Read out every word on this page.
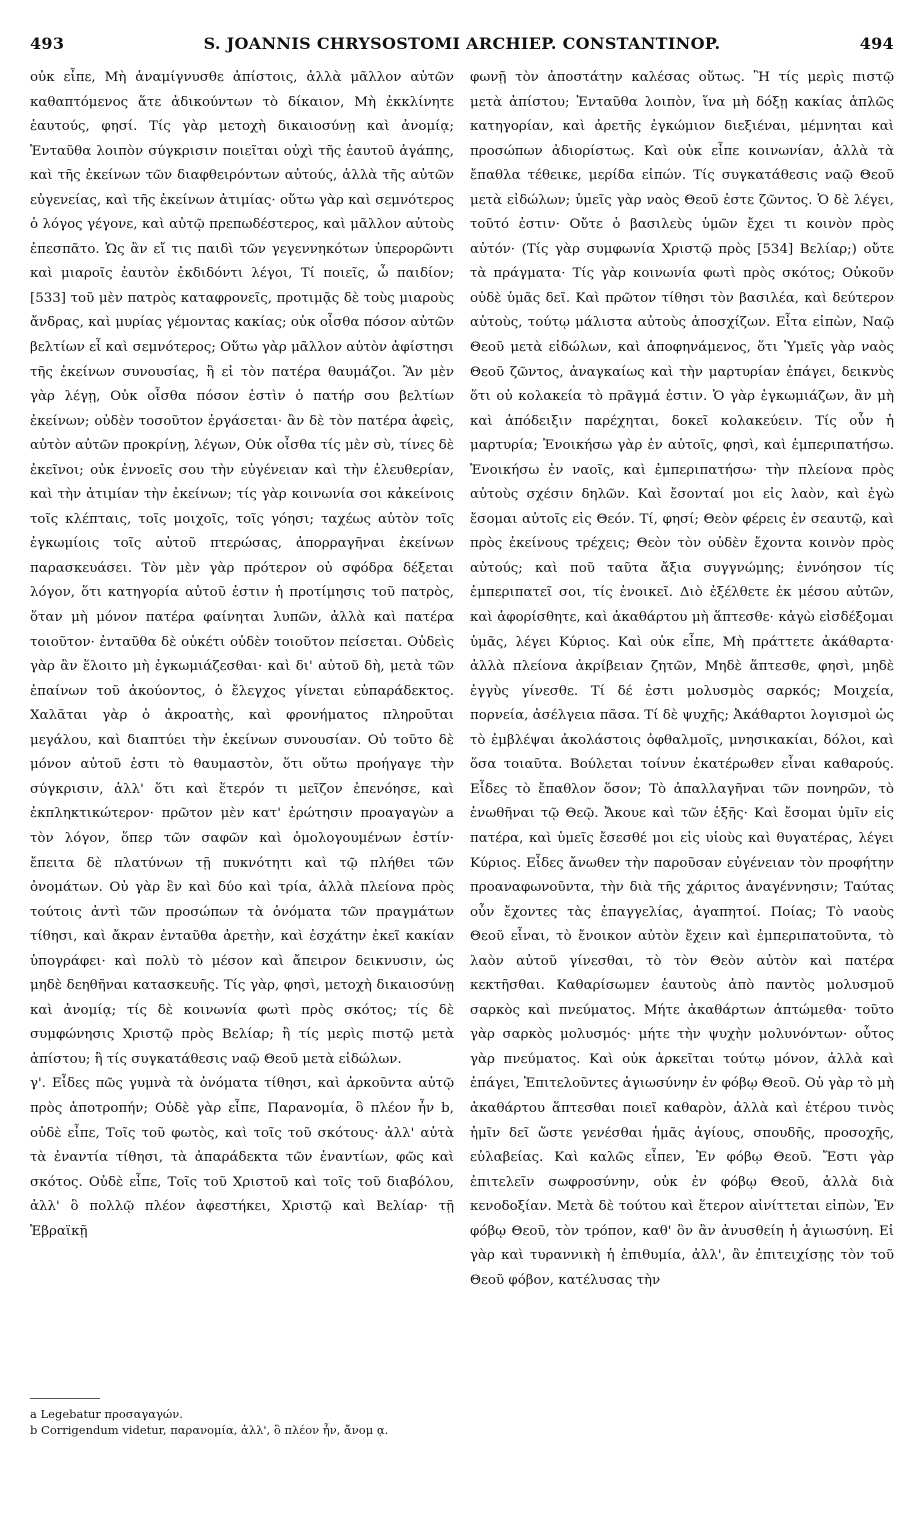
493	S. JOANNIS CHRYSOSTOMI ARCHIEP. CONSTANTINOP.	494

οὐκ εἶπε, Μὴ ἀναμίγνυσθε ἀπίστοις, ἀλλὰ μᾶλλον αὐτῶν καθαπτόμενος ἅτε ἀδικούντων τὸ δίκαιον, Μὴ ἐκκλίνητε ἑαυτούς, φησί. Τίς γὰρ μετοχὴ δικαιοσύνῃ καὶ ἀνομίᾳ; Ἐνταῦθα λοιπὸν σύγκρισιν ποιεῖται οὐχὶ τῆς ἑαυτοῦ ἀγάπης, καὶ τῆς ἐκείνων τῶν διαφθειρόντων αὐτούς, ἀλλὰ τῆς αὐτῶν εὐγενείας, καὶ τῆς ἐκείνων ἀτιμίας· οὕτω γὰρ καὶ σεμνότερος ὁ λόγος γέγονε, καὶ αὐτῷ πρεπωδέστερος, καὶ μᾶλλον αὐτοὺς ἐπεσπᾶτο. Ὡς ἂν εἴ τις παιδὶ τῶν γεγεννηκότων ὑπερορῶντι καὶ μιαροῖς ἑαυτὸν ἐκδιδόντι λέγοι, Τί ποιεῖς, ὦ παιδίον; [533] τοῦ μὲν πατρὸς καταφρονεῖς, προτιμᾷς δὲ τοὺς μιαροὺς ἄνδρας, καὶ μυρίας γέμοντας κακίας; οὐκ οἶσθα πόσον αὐτῶν βελτίων εἶ καὶ σεμνότερος; Οὕτω γὰρ μᾶλλον αὐτὸν ἀφίστησι τῆς ἐκείνων συνουσίας, ἢ εἰ τὸν πατέρα θαυμάζοι. Ἂν μὲν γὰρ λέγῃ, Οὐκ οἶσθα πόσον ἐστὶν ὁ πατήρ σου βελτίων ἐκείνων; οὐδὲν τοσοῦτον ἐργάσεται· ἂν δὲ τὸν πατέρα ἀφεὶς, αὐτὸν αὐτῶν προκρίνῃ, λέγων, Οὐκ οἶσθα τίς μὲν σὺ, τίνες δὲ ἐκεῖνοι; οὐκ ἐννοεῖς σου τὴν εὐγένειαν καὶ τὴν ἐλευθερίαν, καὶ τὴν ἀτιμίαν τὴν ἐκείνων; τίς γὰρ κοινωνία σοι κἀκείνοις τοῖς κλέπταις, τοῖς μοιχοῖς, τοῖς γόησι; ταχέως αὐτὸν τοῖς ἐγκωμίοις τοῖς αὐτοῦ πτερώσας, ἀπορραγῆναι ἐκείνων παρασκευάσει. Τὸν μὲν γὰρ πρότερον οὐ σφόδρα δέξεται λόγον, ὅτι κατηγορία αὐτοῦ ἐστιν ἡ προτίμησις τοῦ πατρὸς, ὅταν μὴ μόνον πατέρα φαίνηται λυπῶν, ἀλλὰ καὶ πατέρα τοιοῦτον· ἐνταῦθα δὲ οὐκέτι οὐδὲν τοιοῦτον πείσεται. Οὐδεὶς γὰρ ἂν ἕλοιτο μὴ ἐγκωμιάζεσθαι· καὶ δι' αὐτοῦ δὴ, μετὰ τῶν ἐπαίνων τοῦ ἀκούοντος, ὁ ἔλεγχος γίνεται εὐπαράδεκτος. Χαλᾶται γὰρ ὁ ἀκροατὴς, καὶ φρονήματος πληροῦται μεγάλου, καὶ διαπτύει τὴν ἐκείνων συνουσίαν. Οὐ τοῦτο δὲ μόνον αὐτοῦ ἐστι τὸ θαυμαστὸν, ὅτι οὕτω προήγαγε τὴν σύγκρισιν, ἀλλ' ὅτι καὶ ἕτερόν τι μεῖζον ἐπενόησε, καὶ ἐκπληκτικώτερον· πρῶτον μὲν κατ' ἐρώτησιν προαγαγὼν a τὸν λόγον, ὅπερ τῶν σαφῶν καὶ ὁμολογουμένων ἐστίν· ἔπειτα δὲ πλατύνων τῇ πυκνότητι καὶ τῷ πλήθει τῶν ὀνομάτων. Οὐ γὰρ ἓν καὶ δύο καὶ τρία, ἀλλὰ πλείονα πρὸς τούτοις ἀντὶ τῶν προσώπων τὰ ὀνόματα τῶν πραγμάτων τίθησι, καὶ ἄκραν ἐνταῦθα ἀρετὴν, καὶ ἐσχάτην ἐκεῖ κακίαν ὑπογράφει· καὶ πολὺ τὸ μέσον καὶ ἄπειρον δεικνυσιν, ὡς μηδὲ δεηθῆναι κατασκευῆς. Τίς γὰρ, φησὶ, μετοχὴ δικαιοσύνῃ καὶ ἀνομίᾳ; τίς δὲ κοινωνία φωτὶ πρὸς σκότος; τίς δὲ συμφώνησις Χριστῷ πρὸς Βελίαρ; ἢ τίς μερὶς πιστῷ μετὰ ἀπίστου; ἢ τίς συγκατάθεσις ναῷ Θεοῦ μετὰ εἰδώλων.

γ'. Εἶδες πῶς γυμνὰ τὰ ὀνόματα τίθησι, καὶ ἀρκοῦντα αὐτῷ πρὸς ἀποτροπήν; Οὐδὲ γὰρ εἶπε, Παρανομία, ὃ πλέον ἦν b, οὐδὲ εἶπε, Τοῖς τοῦ φωτὸς, καὶ τοῖς τοῦ σκότους· ἀλλ' αὐτὰ τὰ ἐναντία τίθησι, τὰ ἀπαράδεκτα τῶν ἐναντίων, φῶς καὶ σκότος. Οὐδὲ εἶπε, Τοῖς τοῦ Χριστοῦ καὶ τοῖς τοῦ διαβόλου, ἀλλ' ὃ πολλῷ πλέον ἀφεστήκει, Χριστῷ καὶ Βελίαρ· τῇ Ἑβραϊκῇ

a Legebatur προσαγαγών.

b Corrigendum videtur, παρανομία, ἀλλ', ὃ πλέον ἦν, ἄνομ ᾳ.

φωνῇ τὸν ἀποστάτην καλέσας οὕτως. Ἢ τίς μερὶς πιστῷ μετὰ ἀπίστου; Ἐνταῦθα λοιπὸν, ἵνα μὴ δόξῃ κακίας ἁπλῶς κατηγορίαν, καὶ ἀρετῆς ἐγκώμιον διεξιέναι, μέμνηται καὶ προσώπων ἀδιορίστως. Καὶ οὐκ εἶπε κοινωνίαν, ἀλλὰ τὰ ἔπαθλα τέθεικε, μερίδα εἰπών. Τίς συγκατάθεσις ναῷ Θεοῦ μετὰ εἰδώλων; ὑμεῖς γὰρ ναὸς Θεοῦ ἐστε ζῶντος. Ὁ δὲ λέγει, τοῦτό ἐστιν· Οὔτε ὁ βασιλεὺς ὑμῶν ἔχει τι κοινὸν πρὸς αὐτόν· (Τίς γὰρ συμφωνία Χριστῷ πρὸς [534] Βελίαρ;) οὔτε τὰ πράγματα· Τίς γὰρ κοινωνία φωτὶ πρὸς σκότος; Οὐκοῦν οὐδὲ ὑμᾶς δεῖ. Καὶ πρῶτον τίθησι τὸν βασιλέα, καὶ δεύτερον αὐτοὺς, τούτῳ μάλιστα αὐτοὺς ἀποσχίζων. Εἶτα εἰπὼν, Ναῷ Θεοῦ μετὰ εἰδώλων, καὶ ἀποφηνάμενος, ὅτι Ὑμεῖς γὰρ ναὸς Θεοῦ ζῶντος, ἀναγκαίως καὶ τὴν μαρτυρίαν ἐπάγει, δεικνὺς ὅτι οὐ κολακεία τὸ πρᾶγμά ἐστιν. Ὁ γὰρ ἐγκωμιάζων, ἂν μὴ καὶ ἀπόδειξιν παρέχηται, δοκεῖ κολακεύειν. Τίς οὖν ἡ μαρτυρία; Ἐνοικήσω γὰρ ἐν αὐτοῖς, φησὶ, καὶ ἐμπεριπατήσω. Ἐνοικήσω ἐν ναοῖς, καὶ ἐμπεριπατήσω· τὴν πλείονα πρὸς αὐτοὺς σχέσιν δηλῶν. Καὶ ἔσονταί μοι εἰς λαὸν, καὶ ἐγὼ ἔσομαι αὐτοῖς εἰς Θεόν. Τί, φησί; Θεὸν φέρεις ἐν σεαυτῷ, καὶ πρὸς ἐκείνους τρέχεις; Θεὸν τὸν οὐδὲν ἔχοντα κοινὸν πρὸς αὐτούς; καὶ ποῦ ταῦτα ἄξια συγγνώμης; ἐννόησον τίς ἐμπεριπατεῖ σοι, τίς ἐνοικεῖ. Διὸ ἐξέλθετε ἐκ μέσου αὐτῶν, καὶ ἀφορίσθητε, καὶ ἀκαθάρτου μὴ ἅπτεσθε· κἀγὼ εἰσδέξομαι ὑμᾶς, λέγει Κύριος. Καὶ οὐκ εἶπε, Μὴ πράττετε ἀκάθαρτα· ἀλλὰ πλείονα ἀκρίβειαν ζητῶν, Μηδὲ ἅπτεσθε, φησὶ, μηδὲ ἐγγὺς γίνεσθε. Τί δέ ἐστι μολυσμὸς σαρκός; Μοιχεία, πορνεία, ἀσέλγεια πᾶσα. Τί δὲ ψυχῆς; Ἀκάθαρτοι λογισμοὶ ὡς τὸ ἐμβλέψαι ἀκολάστοις ὀφθαλμοῖς, μνησικακίαι, δόλοι, καὶ ὅσα τοιαῦτα. Βούλεται τοίνυν ἑκατέρωθεν εἶναι καθαρούς. Εἶδες τὸ ἔπαθλον ὅσον; Τὸ ἀπαλλαγῆναι τῶν πονηρῶν, τὸ ἑνωθῆναι τῷ Θεῷ. Ἄκουε καὶ τῶν ἑξῆς· Καὶ ἔσομαι ὑμῖν εἰς πατέρα, καὶ ὑμεῖς ἔσεσθέ μοι εἰς υἱοὺς καὶ θυγατέρας, λέγει Κύριος. Εἶδες ἄνωθεν τὴν παροῦσαν εὐγένειαν τὸν προφήτην προαναφωνοῦντα, τὴν διὰ τῆς χάριτος ἀναγέννησιν; Ταύτας οὖν ἔχοντες τὰς ἐπαγγελίας, ἀγαπητοί. Ποίας; Τὸ ναοὺς Θεοῦ εἶναι, τὸ ἔνοικον αὐτὸν ἔχειν καὶ ἐμπεριπατοῦντα, τὸ λαὸν αὐτοῦ γίνεσθαι, τὸ τὸν Θεὸν αὐτὸν καὶ πατέρα κεκτῆσθαι. Καθαρίσωμεν ἑαυτοὺς ἀπὸ παντὸς μολυσμοῦ σαρκὸς καὶ πνεύματος. Μήτε ἀκαθάρτων ἁπτώμεθα· τοῦτο γὰρ σαρκὸς μολυσμός· μήτε τὴν ψυχὴν μολυνόντων· οὗτος γὰρ πνεύματος. Καὶ οὐκ ἀρκεῖται τούτῳ μόνον, ἀλλὰ καὶ ἐπάγει, Ἐπιτελοῦντες ἁγιωσύνην ἐν φόβῳ Θεοῦ. Οὐ γὰρ τὸ μὴ ἀκαθάρτου ἅπτεσθαι ποιεῖ καθαρὸν, ἀλλὰ καὶ ἑτέρου τινὸς ἡμῖν δεῖ ὥστε γενέσθαι ἡμᾶς ἁγίους, σπουδῆς, προσοχῆς, εὐλαβείας. Καὶ καλῶς εἶπεν, Ἐν φόβῳ Θεοῦ. Ἔστι γὰρ ἐπιτελεῖν σωφροσύνην, οὐκ ἐν φόβῳ Θεοῦ, ἀλλὰ διὰ κενοδοξίαν. Μετὰ δὲ τούτου καὶ ἕτερον αἰνίττεται εἰπὼν, Ἐν φόβῳ Θεοῦ, τὸν τρόπον, καθ' ὃν ἂν ἀνυσθείη ἡ ἁγιωσύνη. Εἰ γὰρ καὶ τυραννικὴ ἡ ἐπιθυμία, ἀλλ', ἂν ἐπιτειχίσῃς τὸν τοῦ Θεοῦ φόβον, κατέλυσας τὴν
